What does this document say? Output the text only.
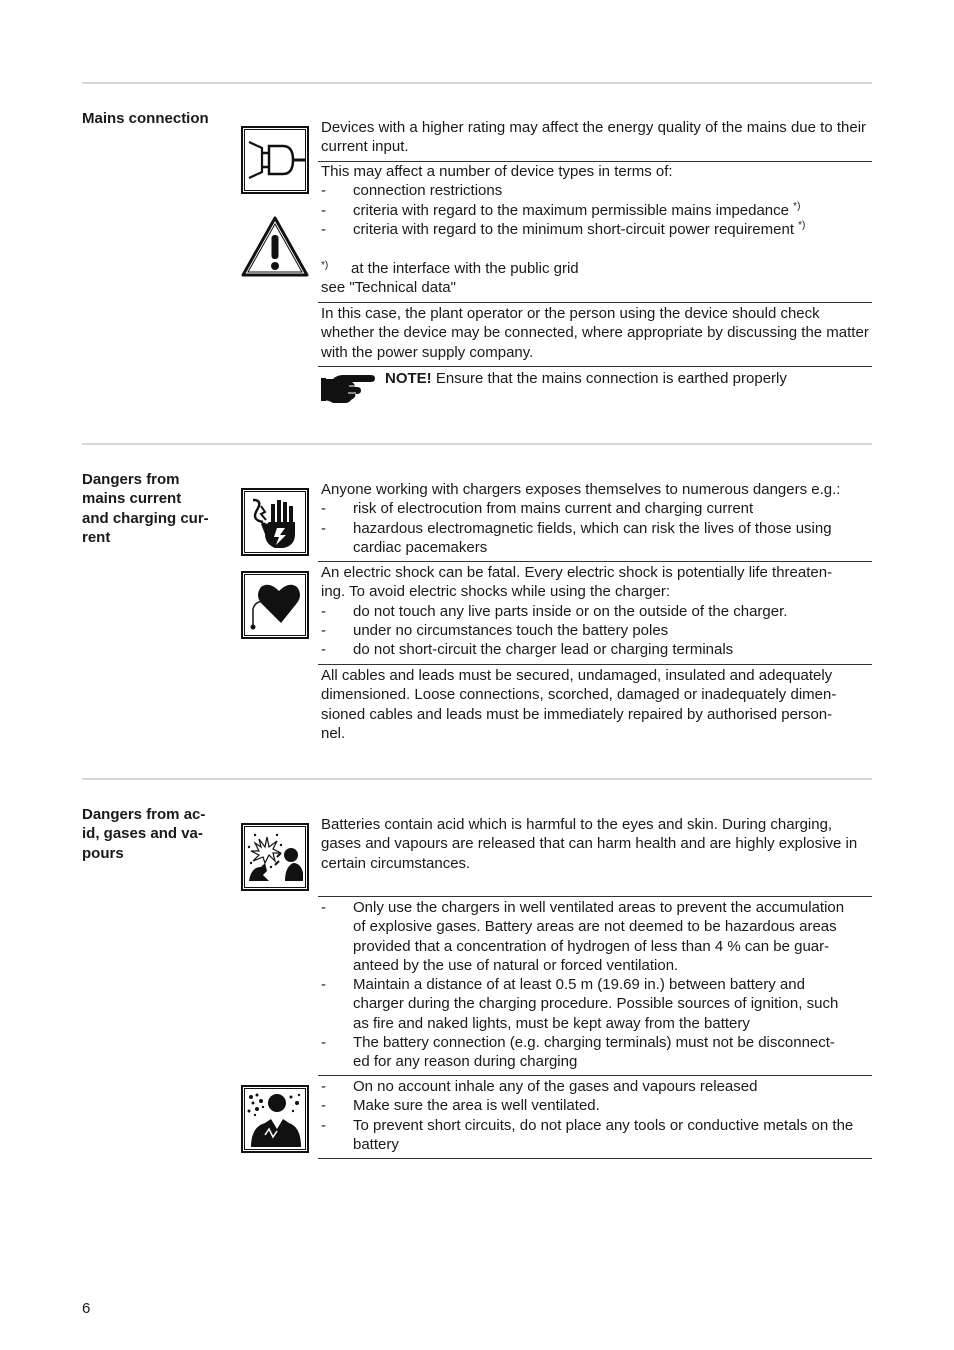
Mains connection
Devices with a higher rating may affect the energy quality of the mains due to their current input.
This may affect a number of device types in terms of:
- connection restrictions
- criteria with regard to the maximum permissible mains impedance *)
- criteria with regard to the minimum short-circuit power requirement *)
*) at the interface with the public grid
see "Technical data"
In this case, the plant operator or the person using the device should check whether the device may be connected, where appropriate by discussing the matter with the power supply company.
NOTE! Ensure that the mains connection is earthed properly
Dangers from
mains current
and charging cur-
rent
Anyone working with chargers exposes themselves to numerous dangers e.g.:
- risk of electrocution from mains current and charging current
- hazardous electromagnetic fields, which can risk the lives of those using cardiac pacemakers
An electric shock can be fatal. Every electric shock is potentially life threaten-
ing. To avoid electric shocks while using the charger:
- do not touch any live parts inside or on the outside of the charger.
- under no circumstances touch the battery poles
- do not short-circuit the charger lead or charging terminals
All cables and leads must be secured, undamaged, insulated and adequately
dimensioned. Loose connections, scorched, damaged or inadequately dimen-
sioned cables and leads must be immediately repaired by authorised person-
nel.
Dangers from ac-
id, gases and va-
pours
Batteries contain acid which is harmful to the eyes and skin. During charging, gases and vapours are released that can harm health and are highly explosive in certain circumstances.
- Only use the chargers in well ventilated areas to prevent the accumulation
of explosive gases. Battery areas are not deemed to be hazardous areas
provided that a concentration of hydrogen of less than 4 % can be guar-
anteed by the use of natural or forced ventilation.
- Maintain a distance of at least 0.5 m (19.69 in.) between battery and
charger during the charging procedure. Possible sources of ignition, such
as fire and naked lights, must be kept away from the battery
- The battery connection (e.g. charging terminals) must not be disconnect-
ed for any reason during charging
- On no account inhale any of the gases and vapours released
- Make sure the area is well ventilated.
- To prevent short circuits, do not place any tools or conductive metals on the battery
6
